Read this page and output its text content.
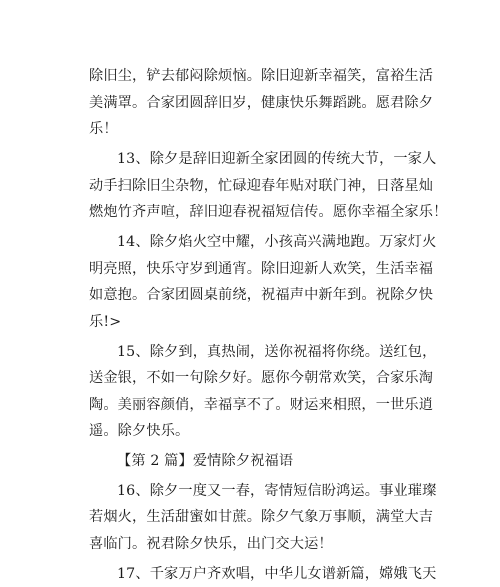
除旧尘，铲去郁闷除烦恼。除旧迎新幸福笑，富裕生活
美满罩。合家团圆辞旧岁，健康快乐舞蹈跳。愿君除夕
乐！
13、除夕是辞旧迎新全家团圆的传统大节，一家人
动手扫除旧尘杂物，忙碌迎春年贴对联门神，日落星灿
燃炮竹齐声喧，辞旧迎春祝福短信传。愿你幸福全家乐！
14、除夕焰火空中耀，小孩高兴满地跑。万家灯火
明亮照，快乐守岁到通宵。除旧迎新人欢笑，生活幸福
如意抱。合家团圆桌前绕，祝福声中新年到。祝除夕快
乐!>
15、除夕到，真热闹，送你祝福将你绕。送红包，
送金银，不如一句除夕好。愿你今朝常欢笑，合家乐淘
陶。美丽容颜俏，幸福享不了。财运来相照，一世乐逍
遥。除夕快乐。
【第 2 篇】爱情除夕祝福语
16、除夕一度又一春，寄情短信盼鸿运。事业璀璨
若烟火，生活甜蜜如甘蔗。除夕气象万事顺，满堂大吉
喜临门。祝君除夕快乐，出门交大运！
17、千家万户齐欢唱，中华儿女谱新篇，嫦娥飞天
